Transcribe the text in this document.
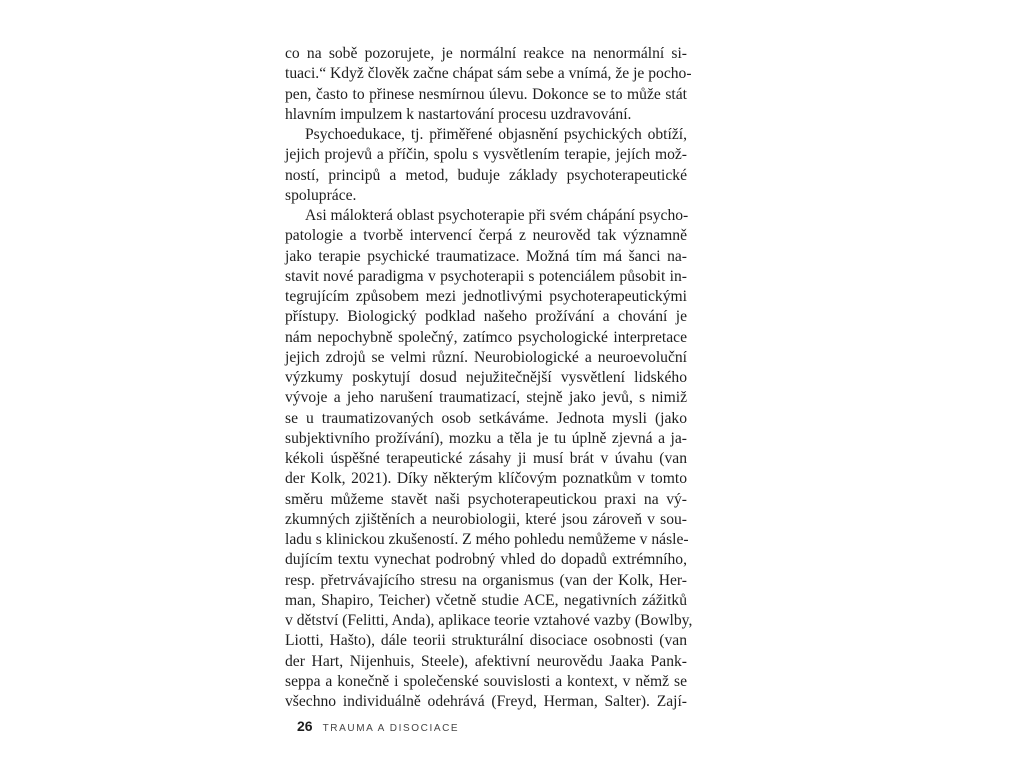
co na sobě pozorujete, je normální reakce na nenormální si-
tuaci.“ Když člověk začne chápat sám sebe a vnímá, že je pocho-
pen, často to přinese nesmírnou úlevu. Dokonce se to může stát
hlavním impulzem k nastartování procesu uzdravování.
Psychoedukace, tj. přiměřené objasnění psychických obtíží,
jejich projevů a příčin, spolu s vysvětlením terapie, jejích mož-
ností, principů a metod, buduje základy psychoterapeutické
spolupráce.
Asi málokterá oblast psychoterapie při svém chápání psycho-
patologie a tvorbě intervencí čerpá z neurověd tak významně
jako terapie psychické traumatizace. Možná tím má šanci na-
stavit nové paradigma v psychoterapii s potenciálem působit in-
tegrujícím způsobem mezi jednotlivými psychoterapeutickými
přístupy. Biologický podklad našeho prožívání a chování je
nám nepochybně společný, zatímco psychologické interpretace
jejich zdrojů se velmi různí. Neurobiologické a neuroevoluční
výzkumy poskytují dosud nejužitečnější vysvětlení lidského
vývoje a jeho narušení traumatizací, stejně jako jevů, s nimiž
se u traumatizovaných osob setkáváme. Jednota mysli (jako
subjektivního prožívání), mozku a těla je tu úplně zjevná a ja-
kékoli úspěšné terapeutické zásahy ji musí brát v úvahu (van
der Kolk, 2021). Díky některým klíčovým poznatkům v tomto
směru můžeme stavět naši psychoterapeutickou praxi na vý-
zkumných zjištěních a neurobiologii, které jsou zároveň v sou-
ladu s klinickou zkušeností. Z mého pohledu nemůžeme v násle-
dujícím textu vynechat podrobný vhled do dopadů extrémního,
resp. přetrvávajícího stresu na organismus (van der Kolk, Her-
man, Shapiro, Teicher) včetně studie ACE, negativních zážitků
v dětství (Felitti, Anda), aplikace teorie vztahové vazby (Bowlby,
Liotti, Hašto), dále teorii strukturální disociace osobnosti (van
der Hart, Nijenhuis, Steele), afektivní neurovědu Jaaka Pank-
seppa a konečně i společenské souvislosti a kontext, v němž se
všechno individuálně odehrává (Freyd, Herman, Salter). Zají-
26 TRAUMA A DISOCIACE
